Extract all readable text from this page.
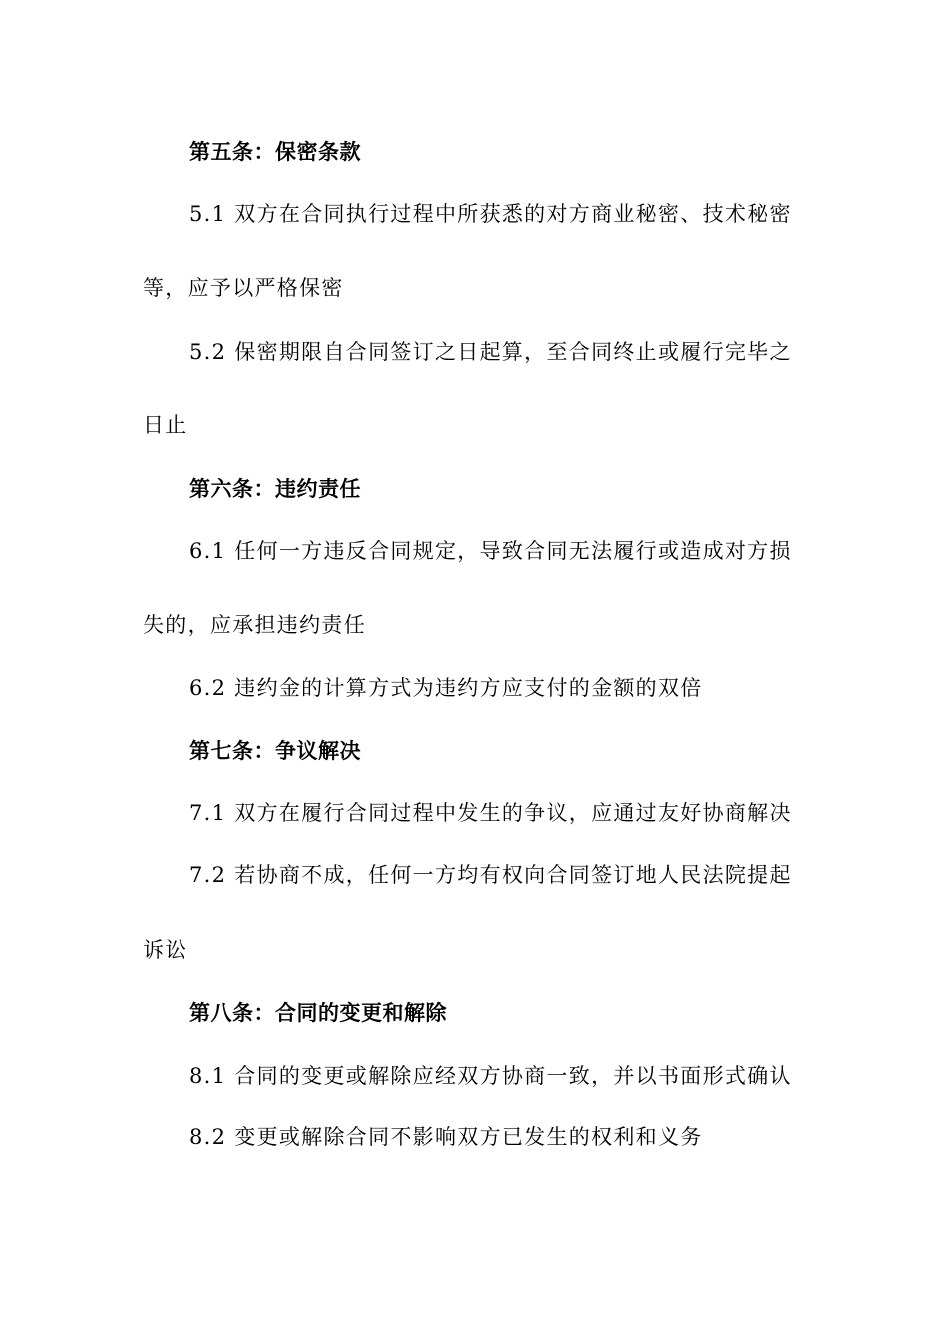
第五条：保密条款
5.1 双方在合同执行过程中所获悉的对方商业秘密、技术秘密
等，应予以严格保密
5.2 保密期限自合同签订之日起算，至合同终止或履行完毕之
日止
第六条：违约责任
6.1 任何一方违反合同规定，导致合同无法履行或造成对方损
失的，应承担违约责任
6.2 违约金的计算方式为违约方应支付的金额的双倍
第七条：争议解决
7.1 双方在履行合同过程中发生的争议，应通过友好协商解决
7.2 若协商不成，任何一方均有权向合同签订地人民法院提起
诉讼
第八条：合同的变更和解除
8.1 合同的变更或解除应经双方协商一致，并以书面形式确认
8.2 变更或解除合同不影响双方已发生的权利和义务
